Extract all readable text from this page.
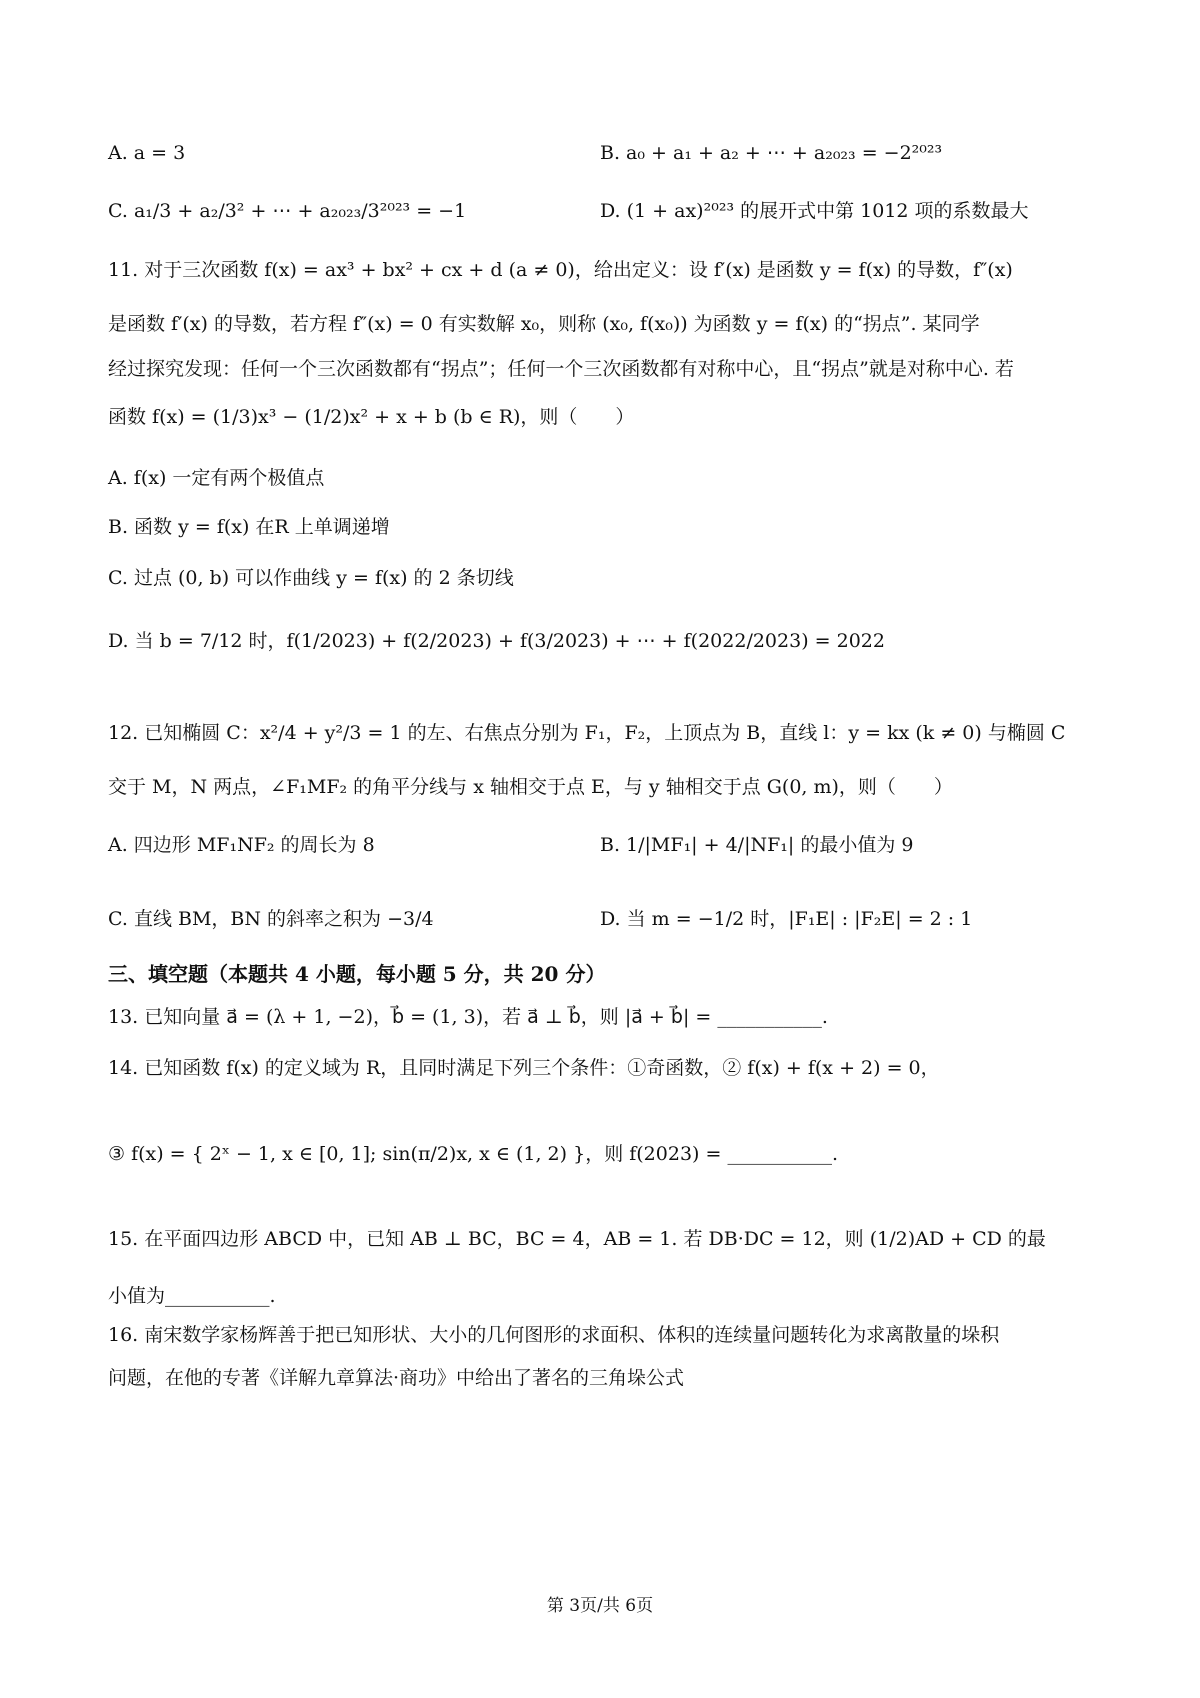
A. a = 3	B. a₀ + a₁ + a₂ + ⋯ + a₂₀₂₃ = −2²⁰²³
C. a₁/3 + a₂/3² + ⋯ + a₂₀₂₃/3²⁰²³ = −1	D. (1 + ax)²⁰²³ 的展开式中第 1012 项的系数最大
11. 对于三次函数 f(x) = ax³ + bx² + cx + d (a ≠ 0)，给出定义：设 f′(x) 是函数 y = f(x) 的导数，f″(x)
是函数 f′(x) 的导数，若方程 f″(x) = 0 有实数解 x₀，则称 (x₀, f(x₀)) 为函数 y = f(x) 的“拐点”. 某同学
经过探究发现：任何一个三次函数都有“拐点”；任何一个三次函数都有对称中心，且“拐点”就是对称中心. 若
函数 f(x) = (1/3)x³ − (1/2)x² + x + b (b ∈ R)，则（　　）
A. f(x) 一定有两个极值点
B. 函数 y = f(x) 在R 上单调递增
C. 过点 (0, b) 可以作曲线 y = f(x) 的 2 条切线
D. 当 b = 7/12 时，f(1/2023) + f(2/2023) + f(3/2023) + ⋯ + f(2022/2023) = 2022
12. 已知椭圆 C：x²/4 + y²/3 = 1 的左、右焦点分别为 F₁，F₂，上顶点为 B，直线 l：y = kx (k ≠ 0) 与椭圆 C
交于 M，N 两点，∠F₁MF₂ 的角平分线与 x 轴相交于点 E，与 y 轴相交于点 G(0, m)，则（　　）
A. 四边形 MF₁NF₂ 的周长为 8	B. 1/|MF₁| + 4/|NF₁| 的最小值为 9
C. 直线 BM，BN 的斜率之积为 −3/4	D. 当 m = −1/2 时，|F₁E| : |F₂E| = 2 : 1
三、填空题（本题共 4 小题，每小题 5 分，共 20 分）
13. 已知向量 a⃗ = (λ + 1, −2)，b⃗ = (1, 3)，若 a⃗ ⊥ b⃗，则 |a⃗ + b⃗| = ___________.
14. 已知函数 f(x) 的定义域为 R，且同时满足下列三个条件：①奇函数，② f(x) + f(x + 2) = 0，
③ f(x) = { 2ˣ − 1, x ∈ [0, 1]; sin(π/2)x, x ∈ (1, 2) }，则 f(2023) = ___________.
15. 在平面四边形 ABCD 中，已知 AB ⊥ BC，BC = 4，AB = 1. 若 DB·DC = 12，则 (1/2)AD + CD 的最
小值为___________.
16. 南宋数学家杨辉善于把已知形状、大小的几何图形的求面积、体积的连续量问题转化为求离散量的垛积
问题，在他的专著《详解九章算法·商功》中给出了著名的三角垛公式
第 3页/共 6页
